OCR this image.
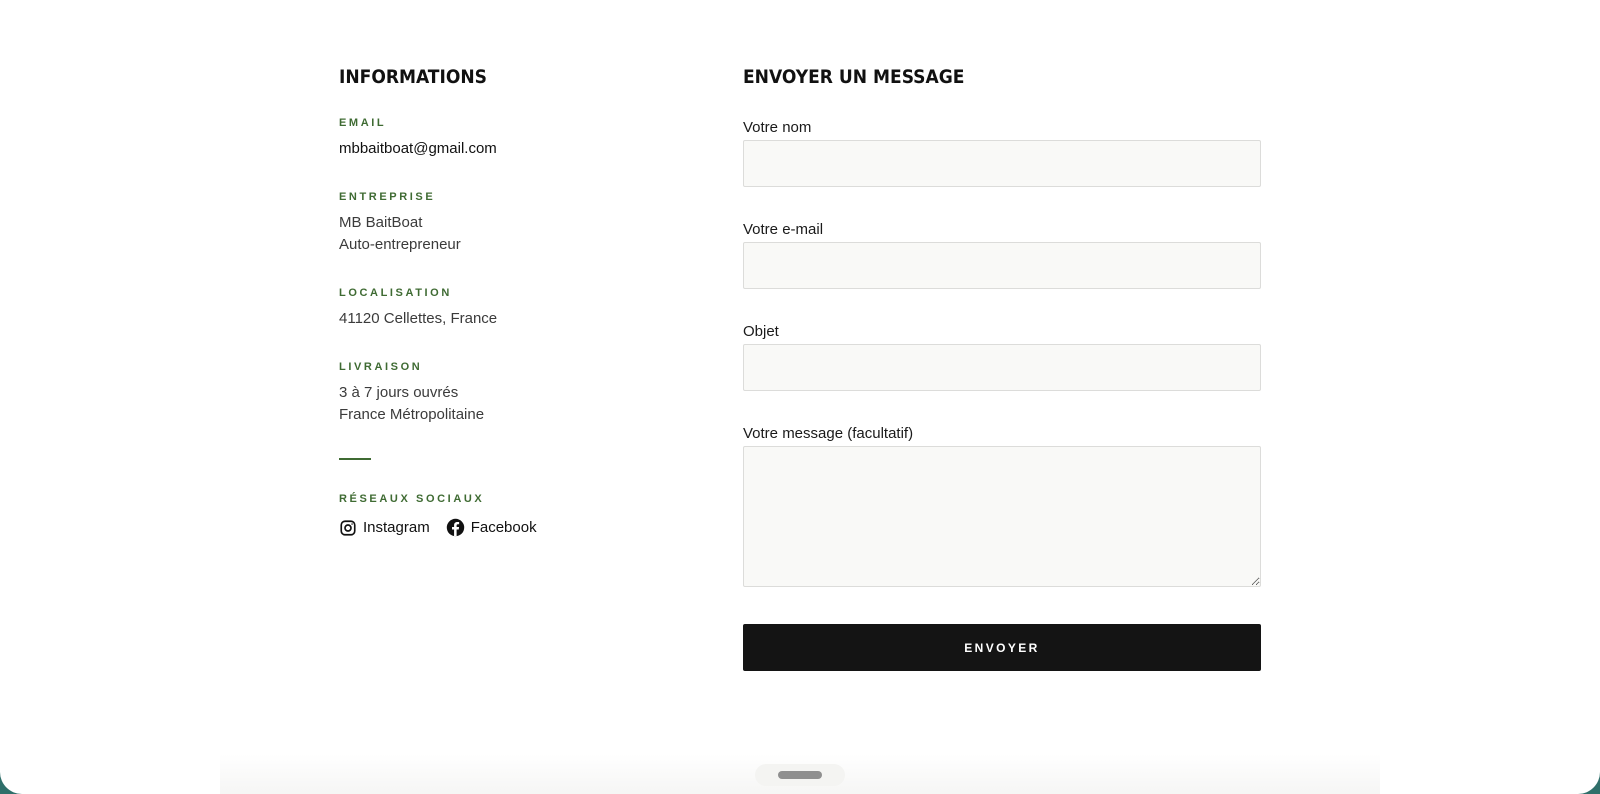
INFORMATIONS
EMAIL
mbbaitboat@gmail.com
ENTREPRISE
MB BaitBoat
Auto-entrepreneur
LOCALISATION
41120 Cellettes, France
LIVRAISON
3 à 7 jours ouvrés
France Métropolitaine
RÉSEAUX SOCIAUX
Instagram	Facebook
ENVOYER UN MESSAGE
Votre nom
Votre e-mail
Objet
Votre message (facultatif)
ENVOYER
